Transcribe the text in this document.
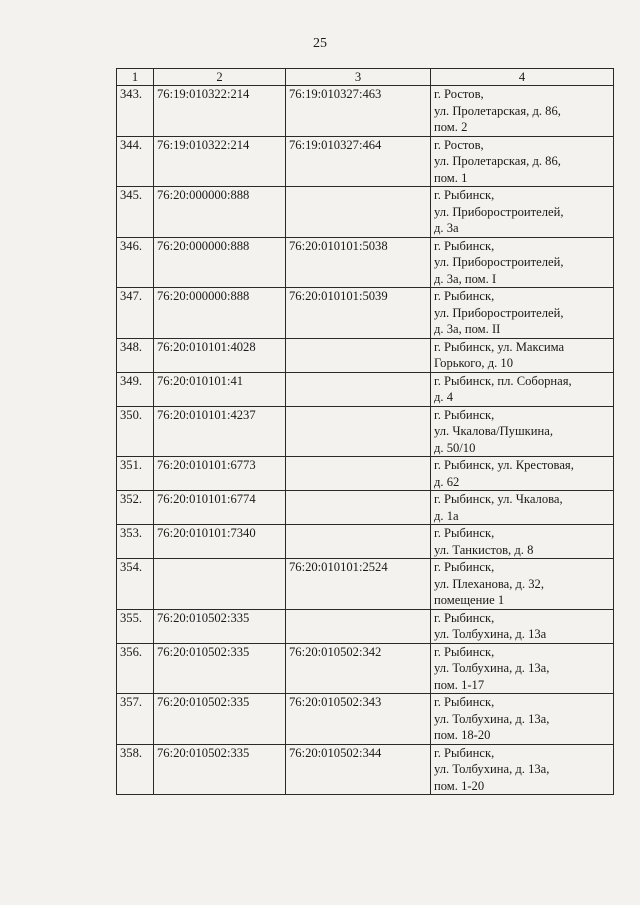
25
1	2	3	4
343.	76:19:010322:214	76:19:010327:463	г. Ростов,
ул. Пролетарская, д. 86,
пом. 2
344.	76:19:010322:214	76:19:010327:464	г. Ростов,
ул. Пролетарская, д. 86,
пом. 1
345.	76:20:000000:888		г. Рыбинск,
ул. Приборостроителей,
д. 3а
346.	76:20:000000:888	76:20:010101:5038	г. Рыбинск,
ул. Приборостроителей,
д. 3а, пом. I
347.	76:20:000000:888	76:20:010101:5039	г. Рыбинск,
ул. Приборостроителей,
д. 3а, пом. II
348.	76:20:010101:4028		г. Рыбинск, ул. Максима
Горького, д. 10
349.	76:20:010101:41		г. Рыбинск, пл. Соборная,
д. 4
350.	76:20:010101:4237		г. Рыбинск,
ул. Чкалова/Пушкина,
д. 50/10
351.	76:20:010101:6773		г. Рыбинск, ул. Крестовая,
д. 62
352.	76:20:010101:6774		г. Рыбинск, ул. Чкалова,
д. 1а
353.	76:20:010101:7340		г. Рыбинск,
ул. Танкистов, д. 8
354.		76:20:010101:2524	г. Рыбинск,
ул. Плеханова, д. 32,
помещение 1
355.	76:20:010502:335		г. Рыбинск,
ул. Толбухина, д. 13а
356.	76:20:010502:335	76:20:010502:342	г. Рыбинск,
ул. Толбухина, д. 13а,
пом. 1-17
357.	76:20:010502:335	76:20:010502:343	г. Рыбинск,
ул. Толбухина, д. 13а,
пом. 18-20
358.	76:20:010502:335	76:20:010502:344	г. Рыбинск,
ул. Толбухина, д. 13а,
пом. 1-20
